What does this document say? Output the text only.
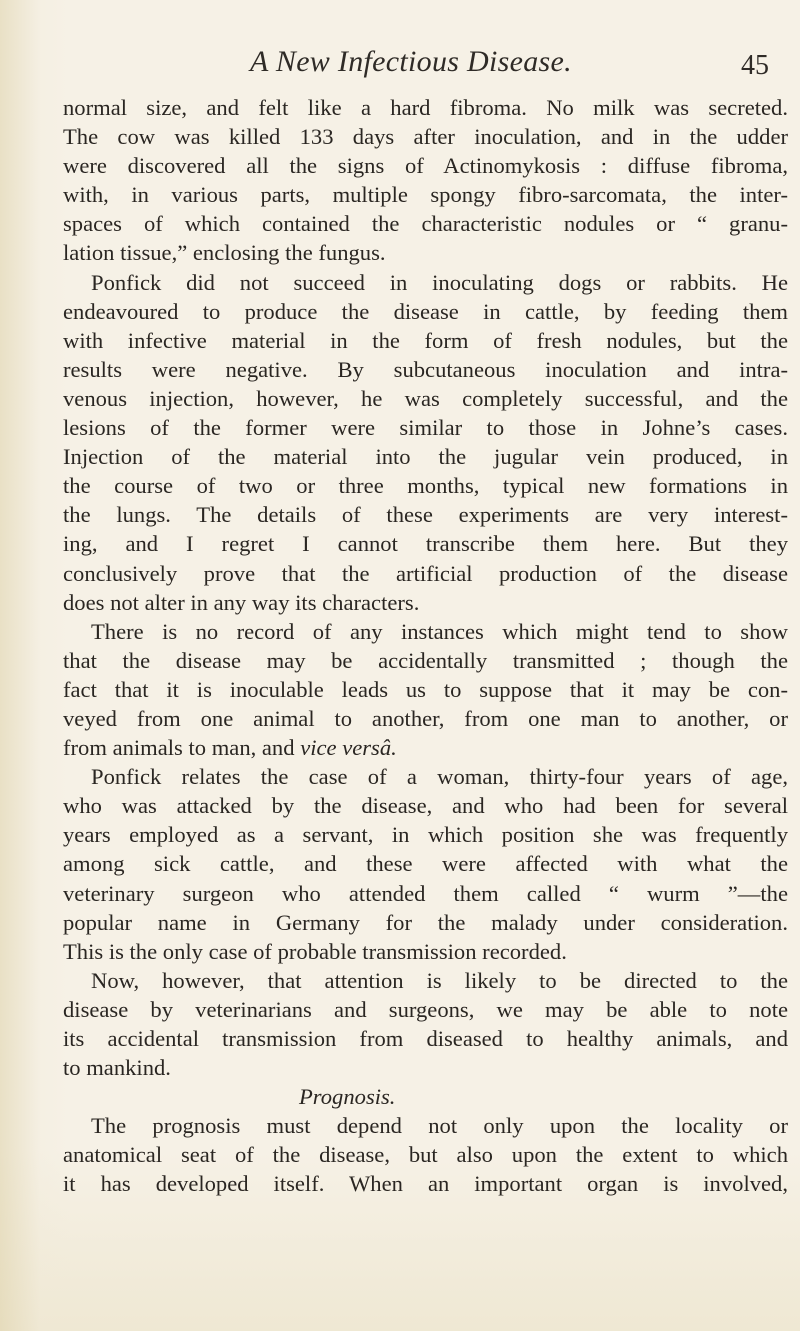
A New Infectious Disease.	45
normal size, and felt like a hard fibroma. No milk was secreted.
The cow was killed 133 days after inoculation, and in the udder
were discovered all the signs of Actinomykosis : diffuse fibroma,
with, in various parts, multiple spongy fibro-sarcomata, the inter-
spaces of which contained the characteristic nodules or “ granu-
lation tissue,” enclosing the fungus.
Ponfick did not succeed in inoculating dogs or rabbits. He
endeavoured to produce the disease in cattle, by feeding them
with infective material in the form of fresh nodules, but the
results were negative. By subcutaneous inoculation and intra-
venous injection, however, he was completely successful, and the
lesions of the former were similar to those in Johne’s cases.
Injection of the material into the jugular vein produced, in
the course of two or three months, typical new formations in
the lungs. The details of these experiments are very interest-
ing, and I regret I cannot transcribe them here. But they
conclusively prove that the artificial production of the disease
does not alter in any way its characters.
There is no record of any instances which might tend to show
that the disease may be accidentally transmitted ; though the
fact that it is inoculable leads us to suppose that it may be con-
veyed from one animal to another, from one man to another, or
from animals to man, and vice versâ.
Ponfick relates the case of a woman, thirty-four years of age,
who was attacked by the disease, and who had been for several
years employed as a servant, in which position she was frequently
among sick cattle, and these were affected with what the
veterinary surgeon who attended them called “ wurm ”—the
popular name in Germany for the malady under consideration.
This is the only case of probable transmission recorded.
Now, however, that attention is likely to be directed to the
disease by veterinarians and surgeons, we may be able to note
its accidental transmission from diseased to healthy animals, and
to mankind.
Prognosis.
The prognosis must depend not only upon the locality or
anatomical seat of the disease, but also upon the extent to which
it has developed itself. When an important organ is involved,
